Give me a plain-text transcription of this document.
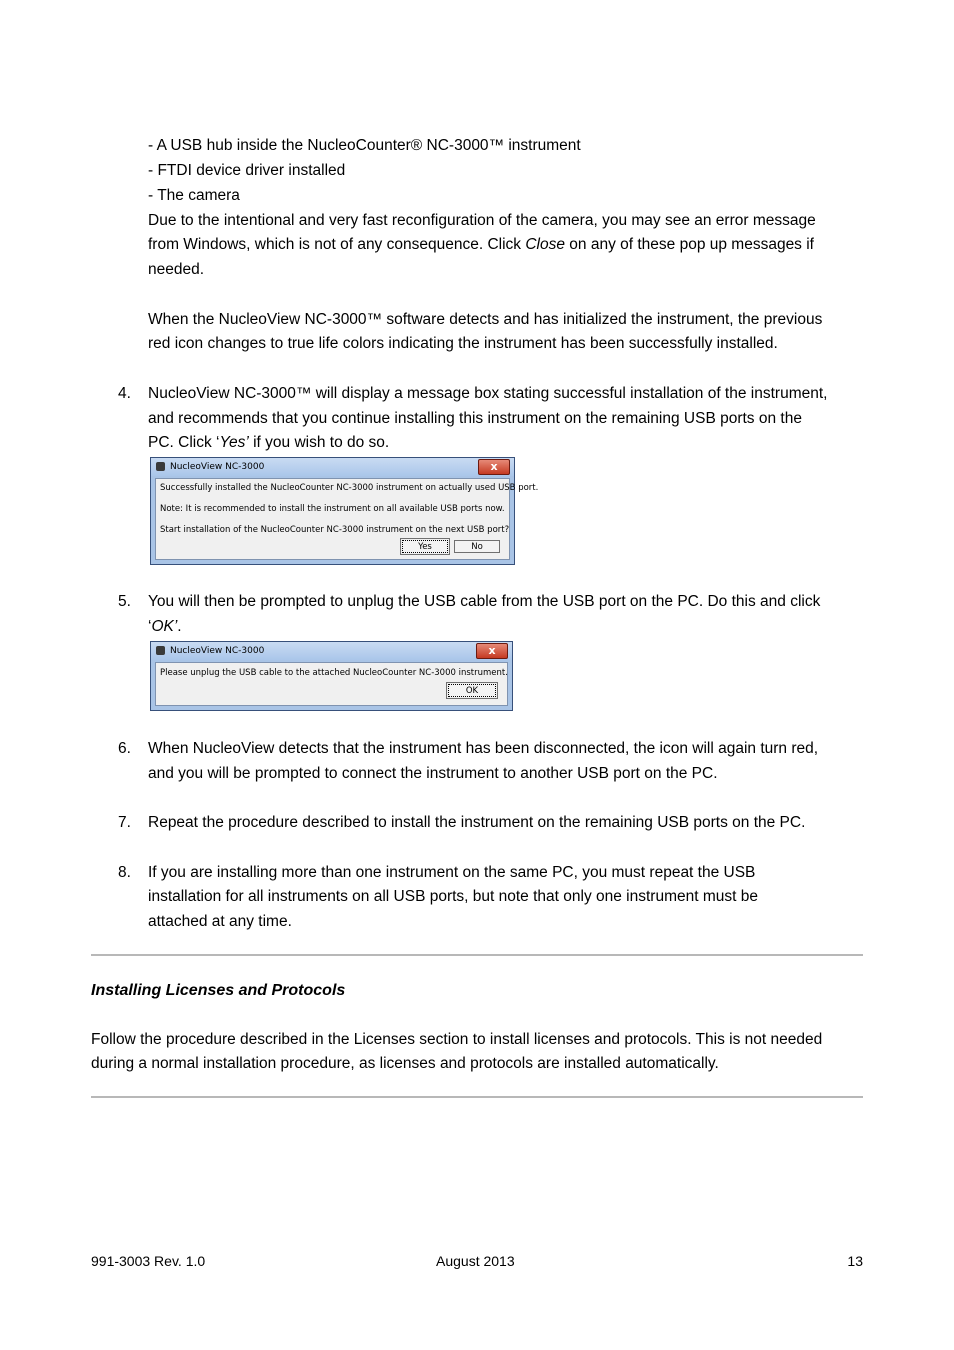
- A USB hub inside the NucleoCounter® NC-3000™ instrument
- FTDI device driver installed
- The camera
Due to the intentional and very fast reconfiguration of the camera, you may see an error message
from Windows, which is not of any consequence. Click Close on any of these pop up messages if
needed.
When the NucleoView NC-3000™ software detects and has initialized the instrument, the previous
red icon changes to true life colors indicating the instrument has been successfully installed.
4. NucleoView NC-3000™ will display a message box stating successful installation of the instrument,
and recommends that you continue installing this instrument on the remaining USB ports on the
PC. Click ‘Yes’ if you wish to do so.
NucleoView NC-3000	x
Successfully installed the NucleoCounter NC-3000 instrument on actually used USB port.
Note: It is recommended to install the instrument on all available USB ports now.
Start installation of the NucleoCounter NC-3000 instrument on the next USB port?
Yes	No
5. You will then be prompted to unplug the USB cable from the USB port on the PC. Do this and click
‘OK’.
NucleoView NC-3000	x
Please unplug the USB cable to the attached NucleoCounter NC-3000 instrument.
OK
6. When NucleoView detects that the instrument has been disconnected, the icon will again turn red,
and you will be prompted to connect the instrument to another USB port on the PC.
7. Repeat the procedure described to install the instrument on the remaining USB ports on the PC.
8. If you are installing more than one instrument on the same PC, you must repeat the USB
installation for all instruments on all USB ports, but note that only one instrument must be
attached at any time.
Installing Licenses and Protocols
Follow the procedure described in the Licenses section to install licenses and protocols. This is not needed
during a normal installation procedure, as licenses and protocols are installed automatically.
991-3003 Rev. 1.0	August 2013	13
